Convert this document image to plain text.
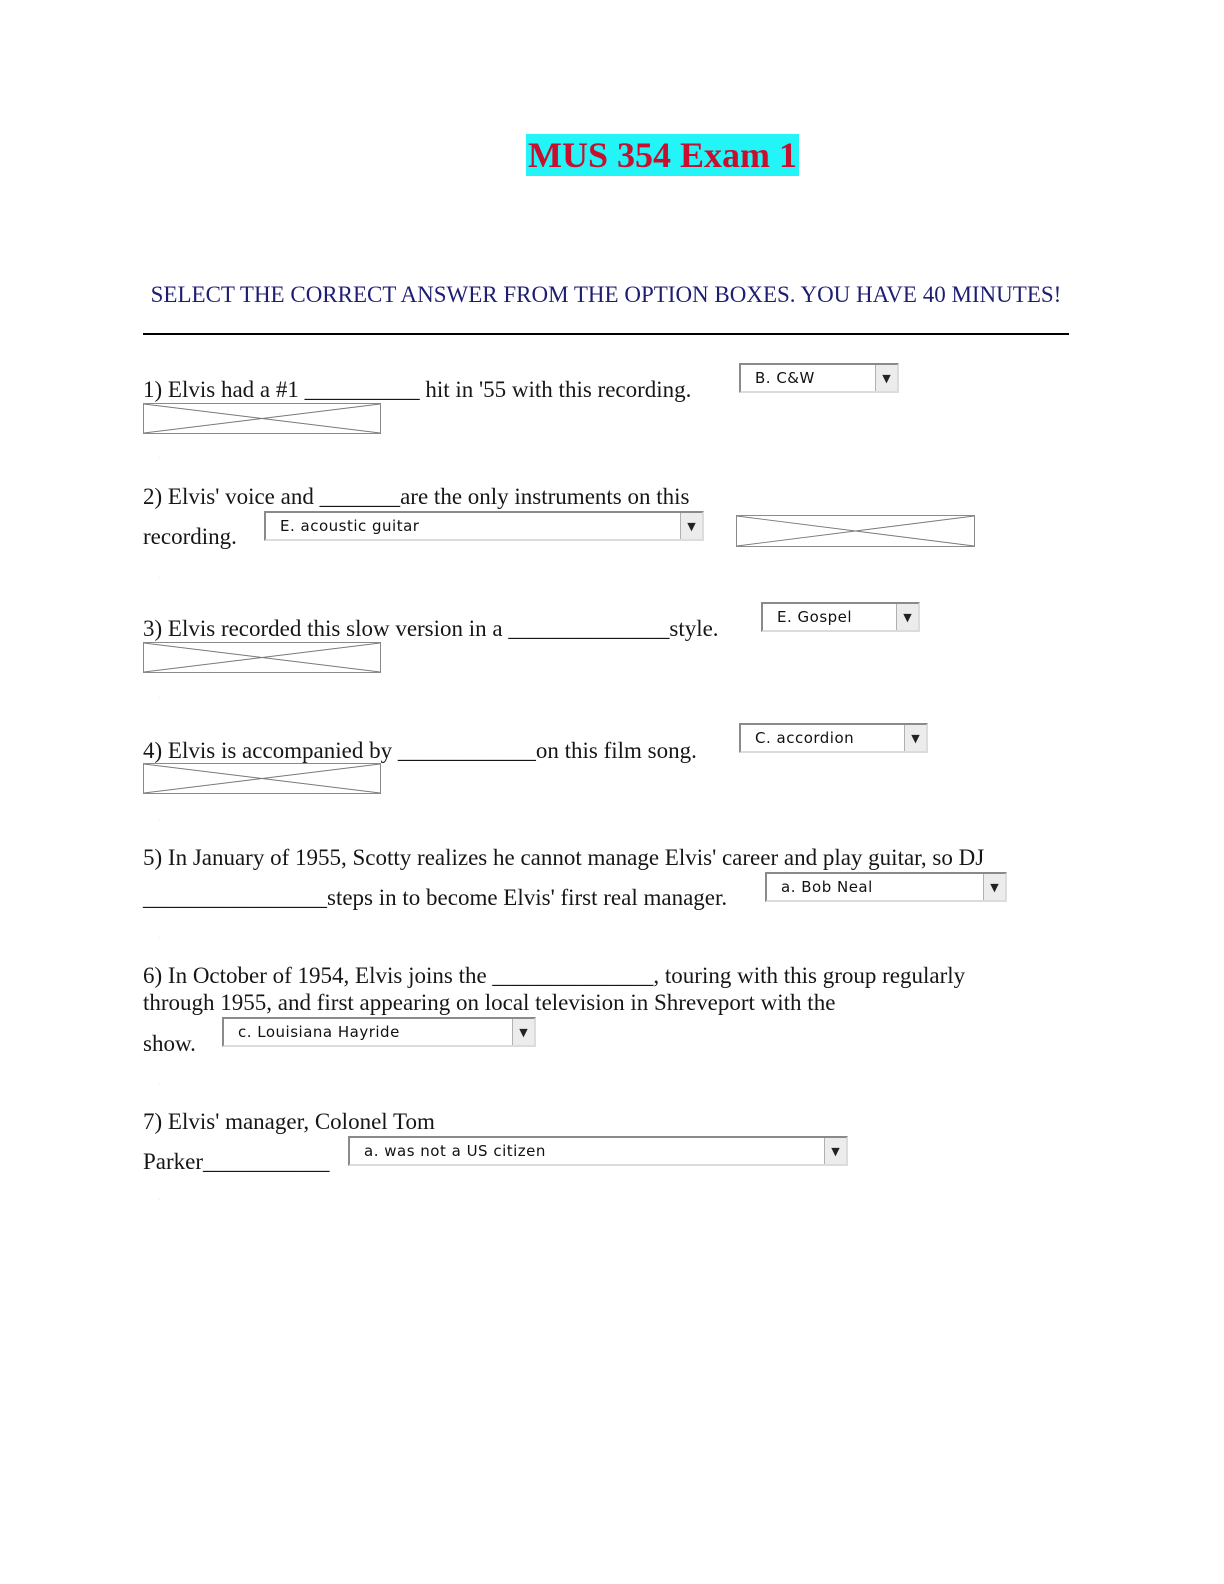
MUS 354 Exam 1
SELECT THE CORRECT ANSWER FROM THE OPTION BOXES. YOU HAVE 40 MINUTES!
1) Elvis had a #1 __________ hit in '55 with this recording.	B. C&W	▼
.
2) Elvis' voice and _______are the only instruments on this
recording.	E. acoustic guitar	▼
.
3) Elvis recorded this slow version in a ______________style.	E. Gospel	▼
.
4) Elvis is accompanied by ____________on this film song.	C. accordion	▼
.
5) In January of 1955, Scotty realizes he cannot manage Elvis' career and play guitar, so DJ
________________steps in to become Elvis' first real manager.	a. Bob Neal	▼
.
6) In October of 1954, Elvis joins the ______________, touring with this group regularly
through 1955, and first appearing on local television in Shreveport with the
show.	c. Louisiana Hayride	▼
.
7) Elvis' manager, Colonel Tom
Parker___________	a. was not a US citizen	▼
.
